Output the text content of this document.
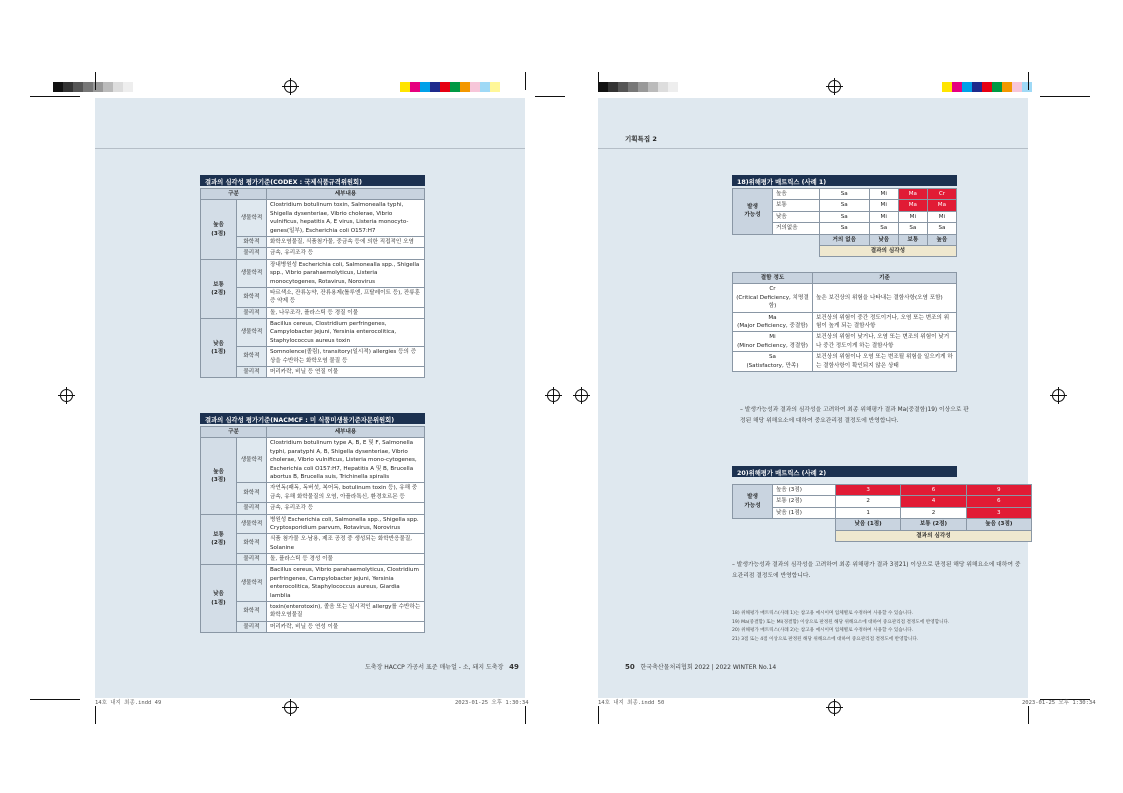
기획특집 2
결과의 심각성 평가기준(CODEX : 국제식품규격위원회)
구분		세부내용

높음
(3점)	생물학적	Clostridium botulinum toxin, Salmonealla typhi, Shigella dysenteriae, Vibrio cholerae, Vibrio vulnificus, hepatitis A, E virus, Listeria monocyto-genes(일부), Escherichia coli O157:H7
	화학적	화학오염물질, 식품첨가물, 중금속 등에 의한 직접적인 오염
	물리적	금속, 유리조각 등

보통
(2점)	생물학적	장내병원성 Escherichia coli, Salmonealla spp., Shigella spp., Vibrio parahaemolyticus, Listeria monocytogenes, Rotavirus, Norovirus
	화학적	타르색소, 잔류농약, 잔류용제(톨루엔, 프탈레이트 등), 잔류훈증 약제 등
	물리적	돌, 나무조각, 플라스틱 등 경질 이물

낮음
(1점)	생물학적	Bacillus cereus, Clostridium perfringenes, Campylobacter jejuni, Yersinia enterocolitica, Staphylococcus aureus toxin
	화학적	Somnolence(졸림), transitory(일시적) allergies 등의 증상을 수반하는 화학오염 물질 등
	물리적	머리카락, 비닐 등 연질 이물
결과의 심각성 평가기준(NACMCF : 미 식품미생물기준자문위원회)
구분		세부내용

높음
(3점)	생물학적	Clostridium botulinum type A, B, E 및 F, Salmonella typhi, paratyphi A, B, Shigella dysenteriae, Vibrio cholerae, Vibrio vulnificus, Listeria mono-cytogenes, Escherichia coli O157:H7, Hepatitis A 및 B, Brucella abortus B, Brucella suis, Trichinella spiralis
	화학적	자연독(패독, 독버섯, 복어독, botulinum toxin 등), 유해 중금속, 유해 화학물질의 오염, 아플라톡신, 환경호르몬 등
	물리적	금속, 유리조각 등

보통
(2점)	생물학적	병원성 Escherichia coli, Salmonella spp., Shigella spp. Cryptosporidium parvum, Rotavirus, Norovirus
	화학적	식품 첨가물 오·남용, 제조 공정 중 생성되는 화학반응물질, Solanine
	물리적	돌, 플라스틱 등 경성 이물

낮음
(1점)	생물학적	Bacillus cereus, Vibrio parahaemolyticus, Clostridium perfringenes, Campylobacter jejuni, Yersinia enterocolitica, Staphylococcus aureus, Giardia lamblia
	화학적	toxin(enterotoxin), 졸음 또는 일시적인 allergy를 수반하는 화학오염물질
	물리적	머리카락, 비닐 등 연성 이물
도축장 HACCP 가공서 표준 매뉴얼 - 소, 돼지 도축장 49
18)위해평가 매트릭스 (사례 1)
발생
가능성	높음	Sa	Mi	Ma	Cr
	보통	Sa	Mi	Ma	Ma
	낮음	Sa	Mi	Mi	Mi
	거의없음	Sa	Sa	Sa	Sa
		거의 없음	낮음	보통	높음
		결과의 심각성			
결함 정도	기준

Cr
(Critical Deficiency, 치명결함)	높은 보건상의 위험을 나타내는 결함사항(오염 포함)

Ma
(Major Deficiency, 중결함)	보건상의 위험이 중간 정도이거나, 오염 또는 변조의 위험이 높게 되는 결함사항

Mi
(Minor Deficiency, 경결함)	보건상의 위험이 낮거나, 오염 또는 변조의 위험이 낮거나 중간 정도이게 하는 결함사항

Sa
(Satisfactory, 만족)	보건상의 위험이나 오염 또는 변조될 위험을 일으키게 하는 결함사항이 확인되지 않은 상태
– 발생가능성과 결과의 심각성을 고려하여 최종 위해평가 결과 Ma(중결함)19) 이상으로 판정된 해당 위해요소에 대하여 중요관리점 결정도에 반영합니다.
20)위해평가 매트릭스 (사례 2)
발생
가능성	높음 (3점)	3	6	9
	보통 (2점)	2	4	6
	낮음 (1점)	1	2	3
		낮음 (1점)	보통 (2점)	높음 (3점)
		결과의 심각성		
– 발생가능성과 결과의 심각성을 고려하여 최종 위해평가 결과 3점21) 이상으로 판정된 해당 위해요소에 대하여 중요관리점 결정도에 반영합니다.
18) 위해평가 매트릭스(사례 1)는 참고용 예시이며 업체별로 수정하여 사용할 수 있습니다.
19) Ma(중결함) 또는 Mi(경결함) 이상으로 판정된 해당 위해요소에 대하여 중요관리점 결정도에 반영합니다.
20) 위해평가 매트릭스(사례 2)는 참고용 예시이며 업체별로 수정하여 사용할 수 있습니다.
21) 3점 또는 4점 이상으로 판정된 해당 위해요소에 대하여 중요관리점 결정도에 반영합니다.
50 한국축산물처리협회 2022 | 2022 WINTER No.14
14호 내지 최종.indd 49	2023-01-25 오후 1:30:34	14호 내지 최종.indd 50	2023-01-25 오후 1:30:34
